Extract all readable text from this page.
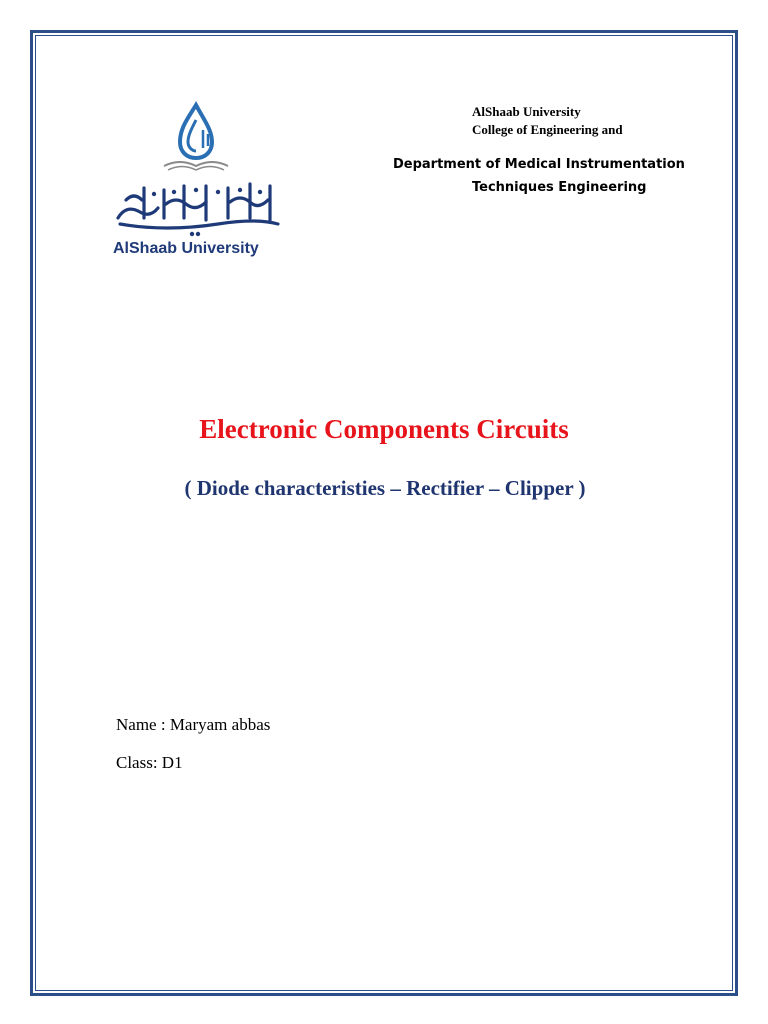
AlShaab University
AlShaab University
College of Engineering and
Department of Medical Instrumentation
Techniques Engineering
Electronic Components Circuits
( Diode characteristies – Rectifier – Clipper )
Name : Maryam abbas
Class: D1
